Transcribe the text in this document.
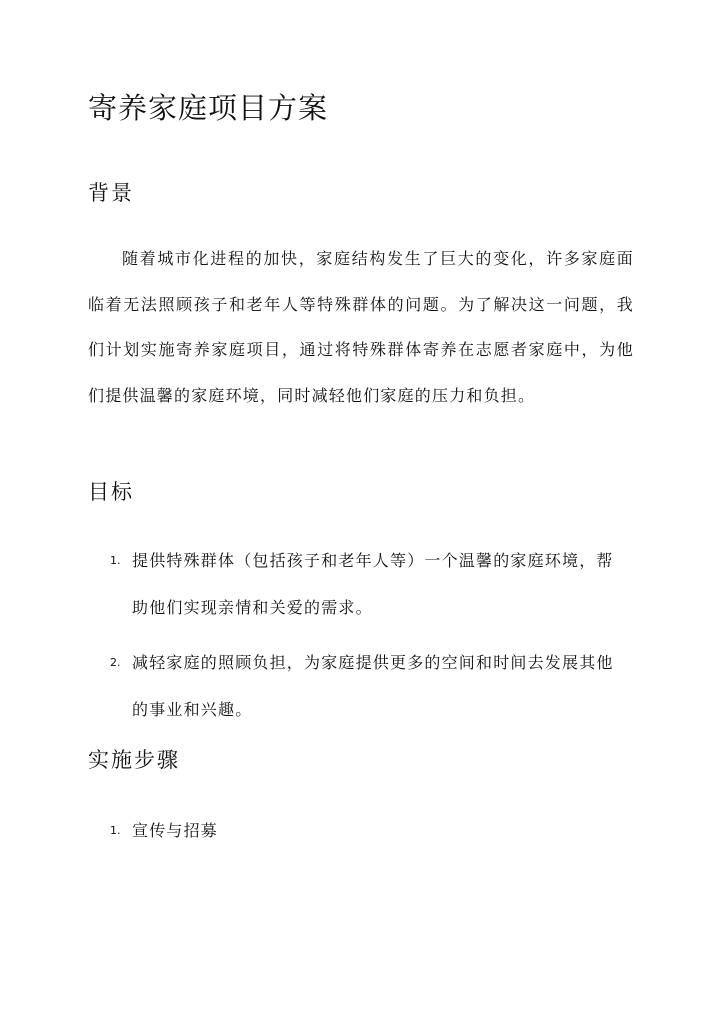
寄养家庭项目方案
背景

随着城市化进程的加快，家庭结构发生了巨大的变化，许多家庭面临着无法照顾孩子和老年人等特殊群体的问题。为了解决这一问题，我们计划实施寄养家庭项目，通过将特殊群体寄养在志愿者家庭中，为他们提供温馨的家庭环境，同时减轻他们家庭的压力和负担。

目标
1. 提供特殊群体（包括孩子和老年人等）一个温馨的家庭环境，帮助他们实现亲情和关爱的需求。
2. 减轻家庭的照顾负担，为家庭提供更多的空间和时间去发展其他的事业和兴趣。
实施步骤
1. 宣传与招募
